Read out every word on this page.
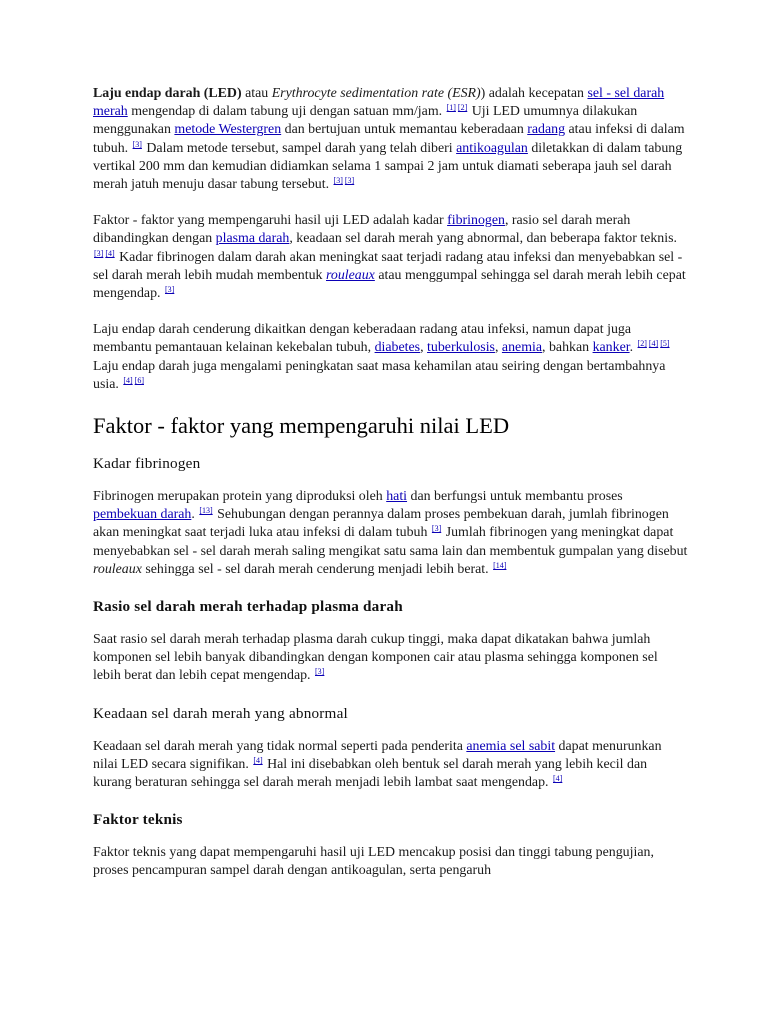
Laju endap darah (LED) atau Erythrocyte sedimentation rate (ESR)) adalah kecepatan sel - sel darah merah mengendap di dalam tabung uji dengan satuan mm/jam. [1] [2] Uji LED umumnya dilakukan menggunakan metode Westergren dan bertujuan untuk memantau keberadaan radang atau infeksi di dalam tubuh. [3] Dalam metode tersebut, sampel darah yang telah diberi antikoagulan diletakkan di dalam tabung vertikal 200 mm dan kemudian didiamkan selama 1 sampai 2 jam untuk diamati seberapa jauh sel darah merah jatuh menuju dasar tabung tersebut. [3] [3]

Faktor - faktor yang mempengaruhi hasil uji LED adalah kadar fibrinogen, rasio sel darah merah dibandingkan dengan plasma darah, keadaan sel darah merah yang abnormal, dan beberapa faktor teknis. [3] [4] Kadar fibrinogen dalam darah akan meningkat saat terjadi radang atau infeksi dan menyebabkan sel - sel darah merah lebih mudah membentuk rouleaux atau menggumpal sehingga sel darah merah lebih cepat mengendap. [3]

Laju endap darah cenderung dikaitkan dengan keberadaan radang atau infeksi, namun dapat juga membantu pemantauan kelainan kekebalan tubuh, diabetes, tuberkulosis, anemia, bahkan kanker. [2] [4] [5] Laju endap darah juga mengalami peningkatan saat masa kehamilan atau seiring dengan bertambahnya usia. [4] [6]

Faktor - faktor yang mempengaruhi nilai LED
Kadar fibrinogen

Fibrinogen merupakan protein yang diproduksi oleh hati dan berfungsi untuk membantu proses pembekuan darah. [13] Sehubungan dengan perannya dalam proses pembekuan darah, jumlah fibrinogen akan meningkat saat terjadi luka atau infeksi di dalam tubuh [3] Jumlah fibrinogen yang meningkat dapat menyebabkan sel - sel darah merah saling mengikat satu sama lain dan membentuk gumpalan yang disebut rouleaux sehingga sel - sel darah merah cenderung menjadi lebih berat. [14]

Rasio sel darah merah terhadap plasma darah

Saat rasio sel darah merah terhadap plasma darah cukup tinggi, maka dapat dikatakan bahwa jumlah komponen sel lebih banyak dibandingkan dengan komponen cair atau plasma sehingga komponen sel lebih berat dan lebih cepat mengendap. [3]

Keadaan sel darah merah yang abnormal

Keadaan sel darah merah yang tidak normal seperti pada penderita anemia sel sabit dapat menurunkan nilai LED secara signifikan. [4] Hal ini disebabkan oleh bentuk sel darah merah yang lebih kecil dan kurang beraturan sehingga sel darah merah menjadi lebih lambat saat mengendap. [4]

Faktor teknis

Faktor teknis yang dapat mempengaruhi hasil uji LED mencakup posisi dan tinggi tabung pengujian, proses pencampuran sampel darah dengan antikoagulan, serta pengaruh
